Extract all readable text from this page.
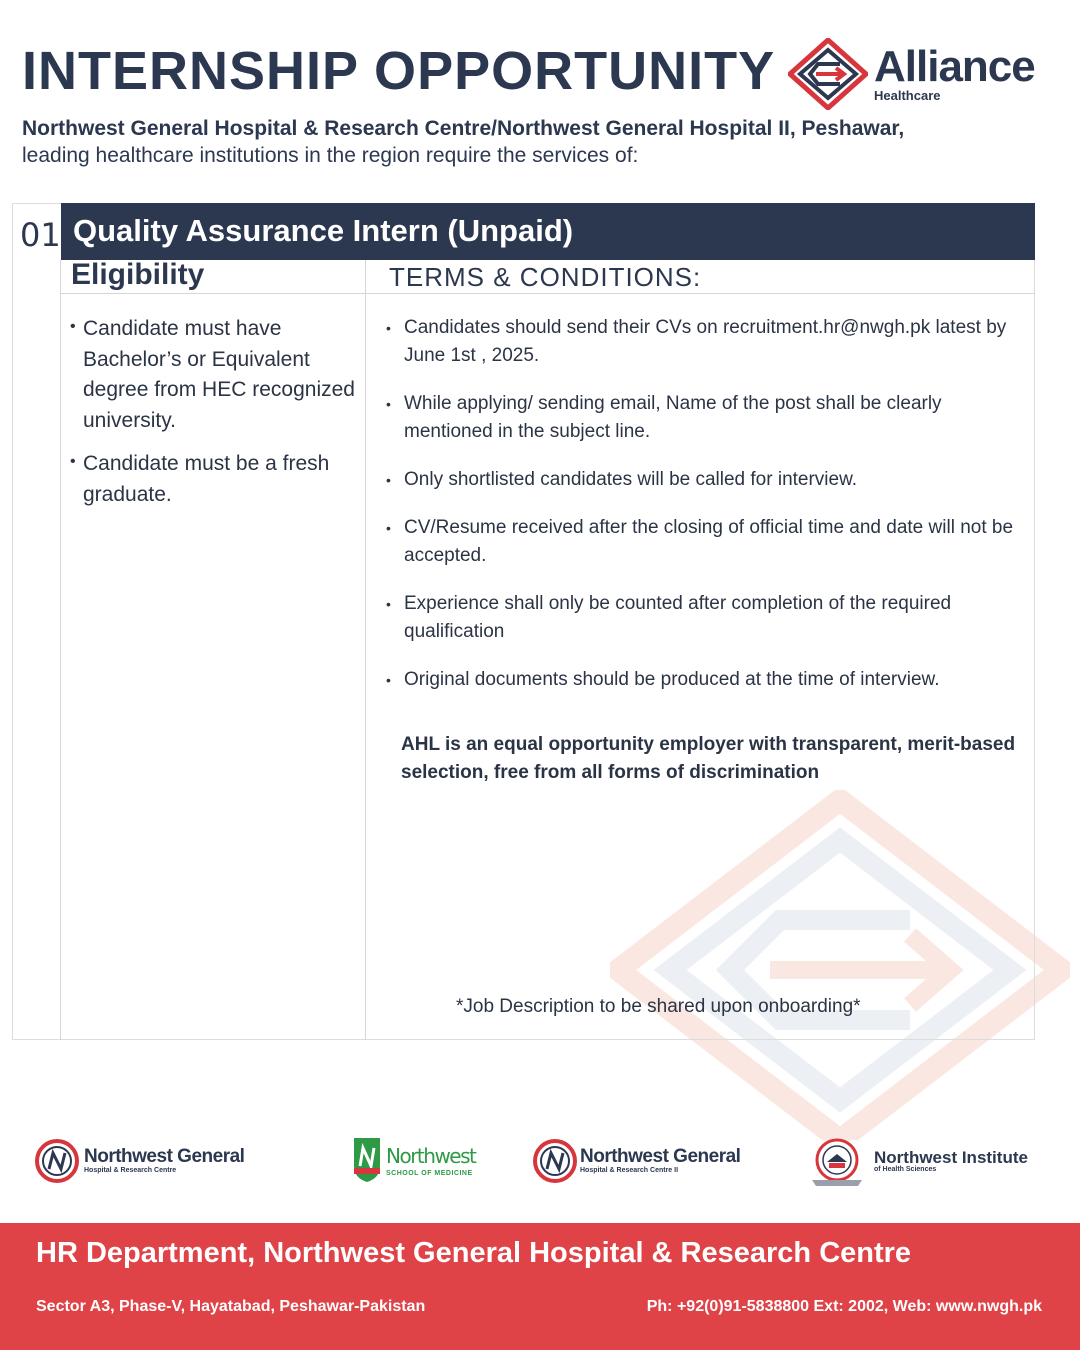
INTERNSHIP OPPORTUNITY Alliance
Healthcare
Northwest General Hospital & Research Centre/Northwest General Hospital II, Peshawar,
leading healthcare institutions in the region require the services of:
01 Quality Assurance Intern (Unpaid)
Eligibility	TERMS & CONDITIONS:
• Candidate must have Bachelor’s or Equivalent degree from HEC recognized university.
• Candidate must be a fresh graduate.
• Candidates should send their CVs on recruitment.hr@nwgh.pk latest by June 1st , 2025.
• While applying/ sending email, Name of the post shall be clearly mentioned in the subject line.
• Only shortlisted candidates will be called for interview.
• CV/Resume received after the closing of official time and date will not be accepted.
• Experience shall only be counted after completion of the required qualification
• Original documents should be produced at the time of interview.
AHL is an equal opportunity employer with transparent, merit-based selection, free from all forms of discrimination
*Job Description to be shared upon onboarding*
Northwest General
Hospital & Research Centre
Northwest
SCHOOL OF MEDICINE
Northwest General
Hospital & Research Centre II
Northwest Institute
of Health Sciences
HR Department, Northwest General Hospital & Research Centre
Sector A3, Phase-V, Hayatabad, Peshawar-Pakistan	Ph: +92(0)91-5838800 Ext: 2002, Web: www.nwgh.pk
